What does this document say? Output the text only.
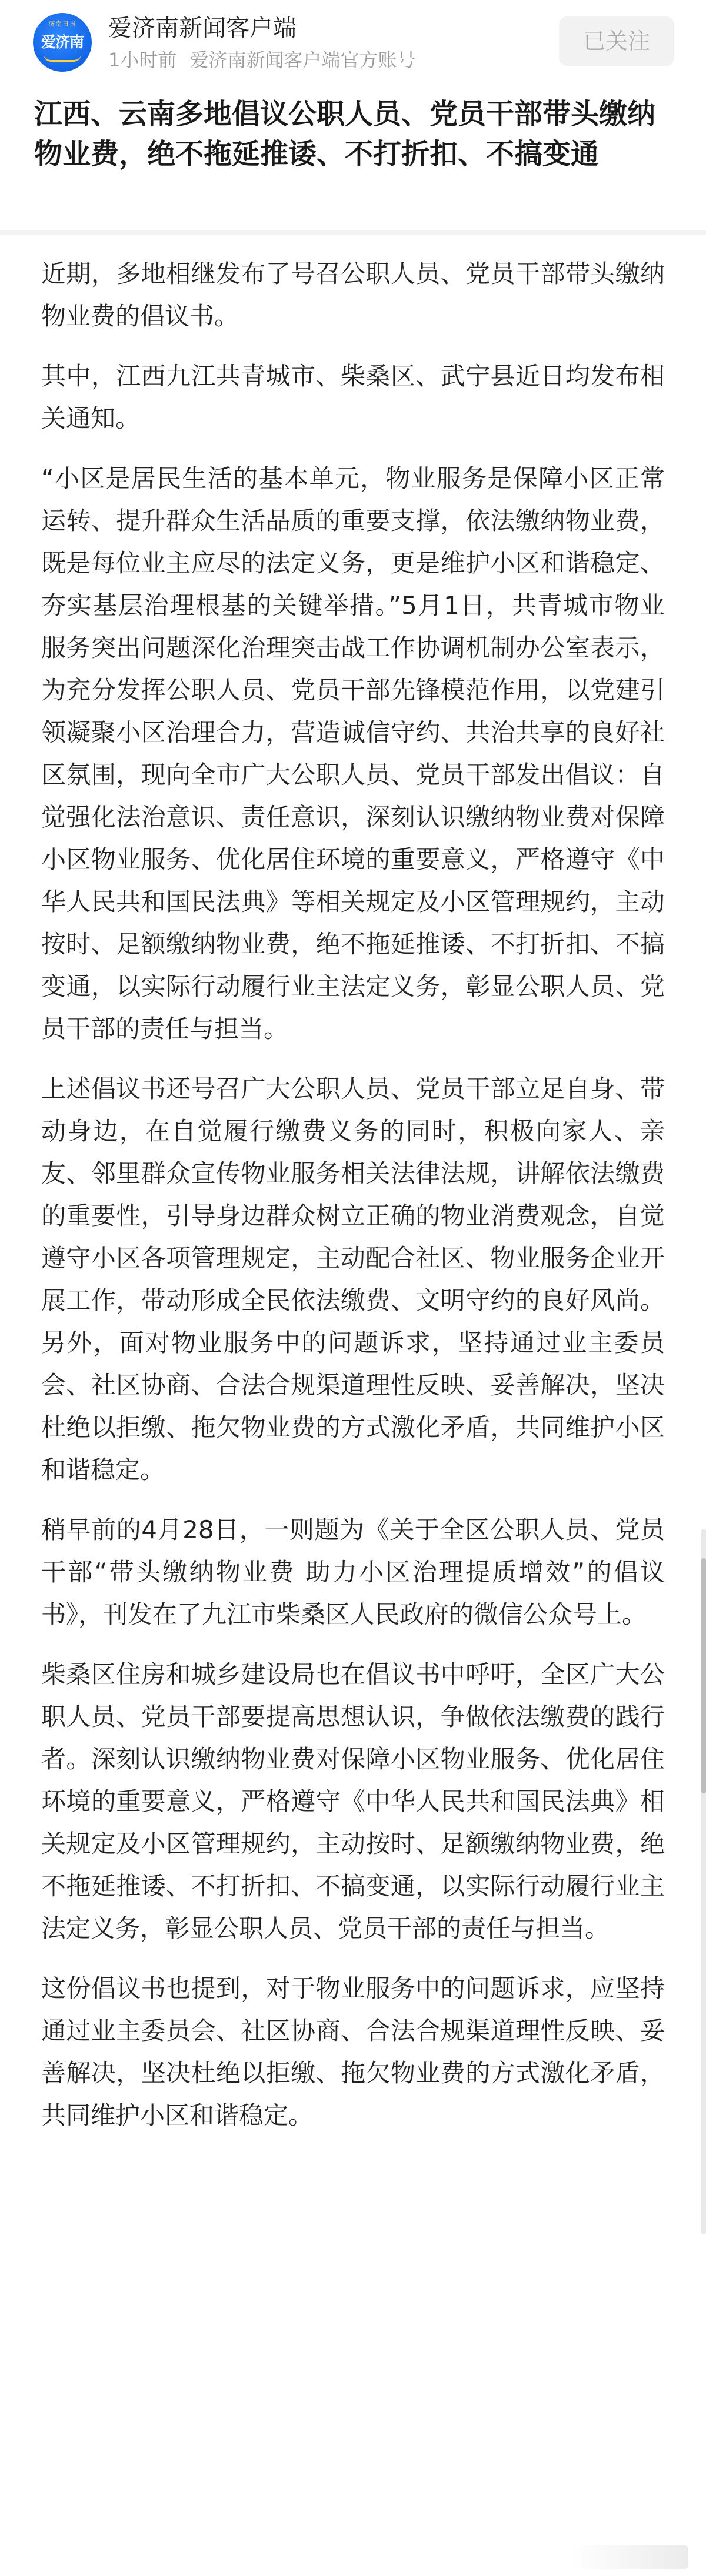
济南日报
爱济南
爱济南新闻客户端
1小时前 爱济南新闻客户端官方账号
已关注
江西、云南多地倡议公职人员、党员干部带头缴纳物业费，绝不拖延推诿、不打折扣、不搞变通

近期，多地相继发布了号召公职人员、党员干部带头缴纳物业费的倡议书。

其中，江西九江共青城市、柴桑区、武宁县近日均发布相关通知。

“小区是居民生活的基本单元，物业服务是保障小区正常运转、提升群众生活品质的重要支撑，依法缴纳物业费，既是每位业主应尽的法定义务，更是维护小区和谐稳定、夯实基层治理根基的关键举措。”5月1日，共青城市物业服务突出问题深化治理突击战工作协调机制办公室表示，为充分发挥公职人员、党员干部先锋模范作用，以党建引领凝聚小区治理合力，营造诚信守约、共治共享的良好社区氛围，现向全市广大公职人员、党员干部发出倡议：自觉强化法治意识、责任意识，深刻认识缴纳物业费对保障小区物业服务、优化居住环境的重要意义，严格遵守《中华人民共和国民法典》等相关规定及小区管理规约，主动按时、足额缴纳物业费，绝不拖延推诿、不打折扣、不搞变通，以实际行动履行业主法定义务，彰显公职人员、党员干部的责任与担当。

上述倡议书还号召广大公职人员、党员干部立足自身、带动身边，在自觉履行缴费义务的同时，积极向家人、亲友、邻里群众宣传物业服务相关法律法规，讲解依法缴费的重要性，引导身边群众树立正确的物业消费观念，自觉遵守小区各项管理规定，主动配合社区、物业服务企业开展工作，带动形成全民依法缴费、文明守约的良好风尚。另外，面对物业服务中的问题诉求，坚持通过业主委员会、社区协商、合法合规渠道理性反映、妥善解决，坚决杜绝以拒缴、拖欠物业费的方式激化矛盾，共同维护小区和谐稳定。

稍早前的4月28日，一则题为《关于全区公职人员、党员干部“带头缴纳物业费 助力小区治理提质增效”的倡议书》，刊发在了九江市柴桑区人民政府的微信公众号上。

柴桑区住房和城乡建设局也在倡议书中呼吁，全区广大公职人员、党员干部要提高思想认识，争做依法缴费的践行者。深刻认识缴纳物业费对保障小区物业服务、优化居住环境的重要意义，严格遵守《中华人民共和国民法典》相关规定及小区管理规约，主动按时、足额缴纳物业费，绝不拖延推诿、不打折扣、不搞变通，以实际行动履行业主法定义务，彰显公职人员、党员干部的责任与担当。

这份倡议书也提到，对于物业服务中的问题诉求，应坚持通过业主委员会、社区协商、合法合规渠道理性反映、妥善解决，坚决杜绝以拒缴、拖欠物业费的方式激化矛盾，共同维护小区和谐稳定。
